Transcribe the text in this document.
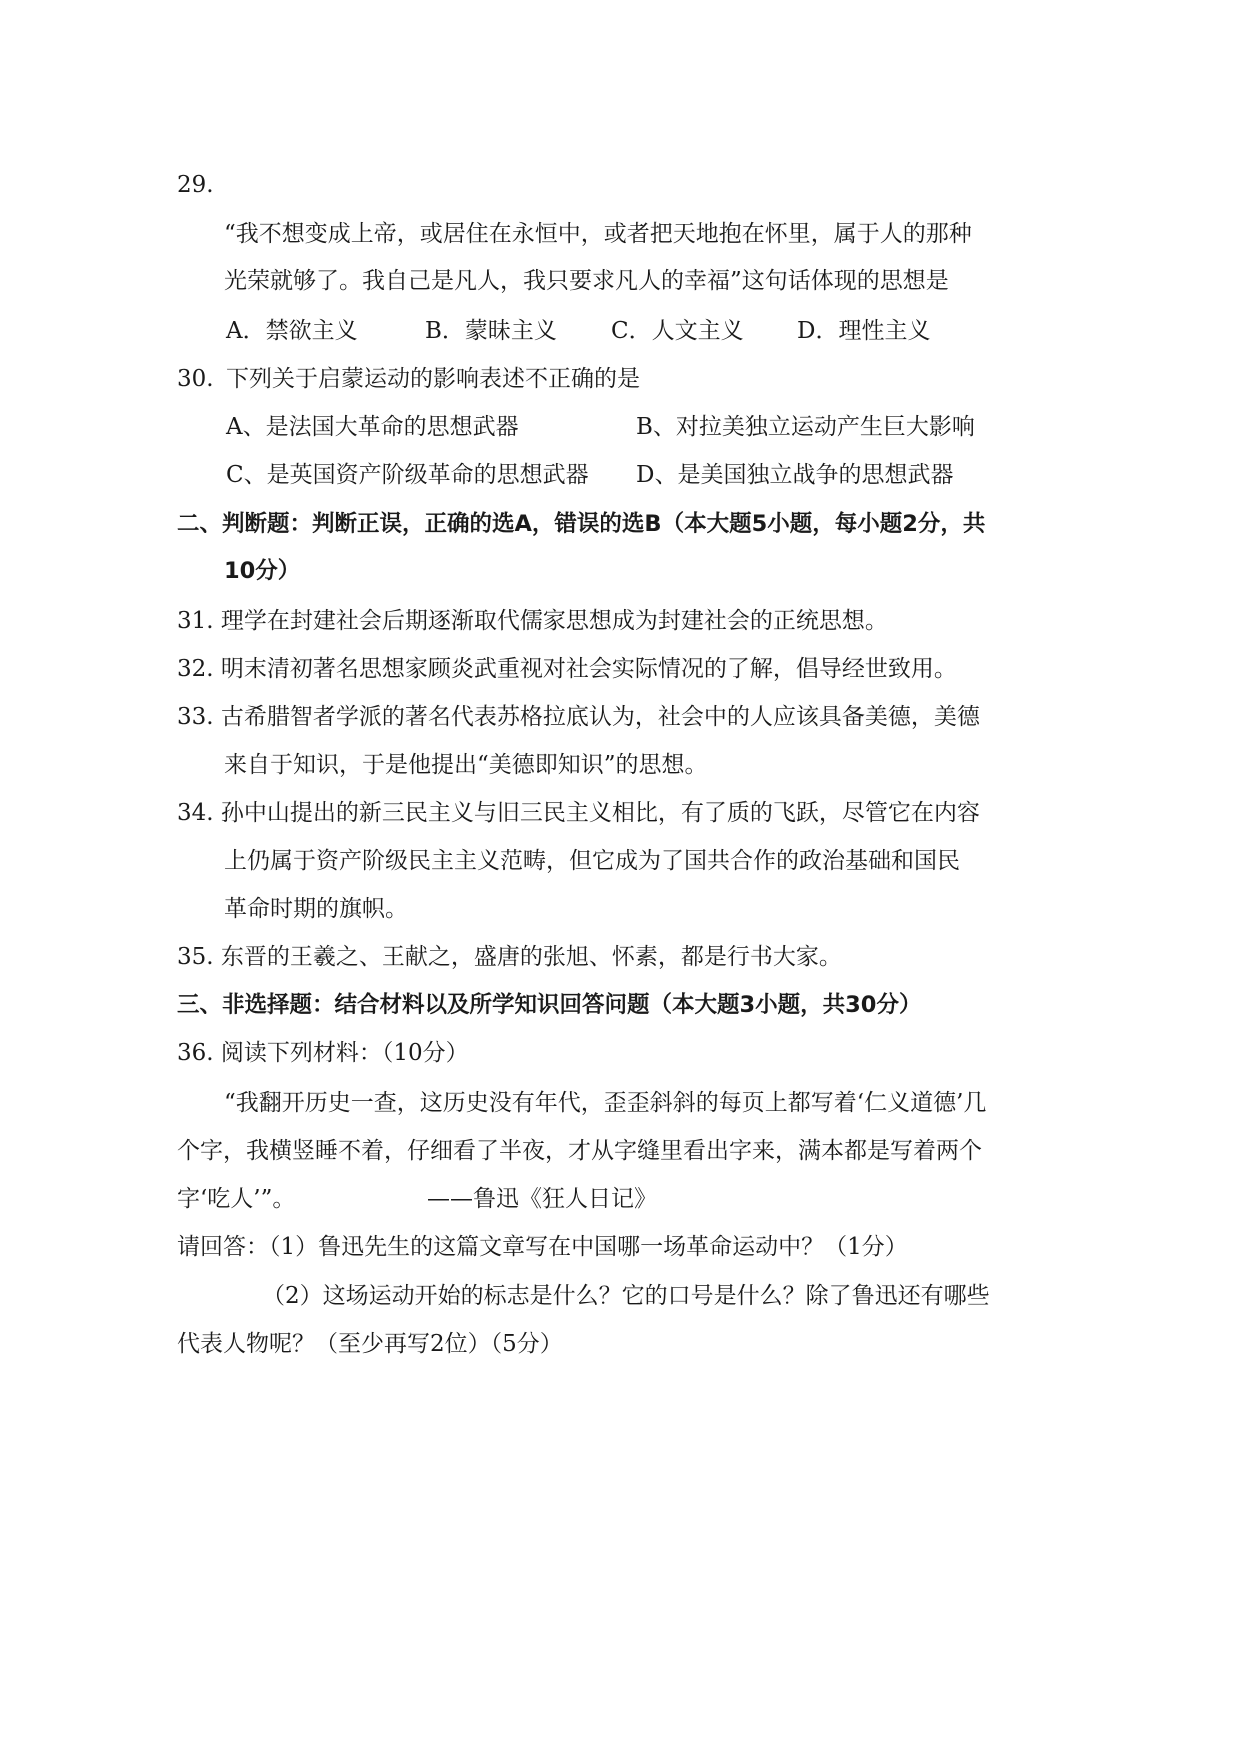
29.
“我不想变成上帝，或居住在永恒中，或者把天地抱在怀里，属于人的那种
光荣就够了。我自己是凡人，我只要求凡人的幸福”这句话体现的思想是
A．禁欲主义	B．蒙昧主义 C．人文主义 D．理性主义
30. 下列关于启蒙运动的影响表述不正确的是
A、是法国大革命的思想武器	B、对拉美独立运动产生巨大影响
C、是英国资产阶级革命的思想武器 D、是美国独立战争的思想武器
二、判断题：判断正误，正确的选A，错误的选B（本大题5小题，每小题2分，共
10分）
31. 理学在封建社会后期逐渐取代儒家思想成为封建社会的正统思想。
32. 明末清初著名思想家顾炎武重视对社会实际情况的了解，倡导经世致用。
33. 古希腊智者学派的著名代表苏格拉底认为，社会中的人应该具备美德，美德
来自于知识，于是他提出“美德即知识”的思想。
34. 孙中山提出的新三民主义与旧三民主义相比，有了质的飞跃，尽管它在内容
上仍属于资产阶级民主主义范畴，但它成为了国共合作的政治基础和国民
革命时期的旗帜。
35. 东晋的王羲之、王献之，盛唐的张旭、怀素，都是行书大家。
三、非选择题：结合材料以及所学知识回答问题（本大题3小题，共30分）
36. 阅读下列材料：（10分）
“我翻开历史一查，这历史没有年代，歪歪斜斜的每页上都写着‘仁义道德’几
个字，我横竖睡不着，仔细看了半夜，才从字缝里看出字来，满本都是写着两个
字‘吃人’”。	——鲁迅《狂人日记》
请回答：（1）鲁迅先生的这篇文章写在中国哪一场革命运动中？（1分）
（2）这场运动开始的标志是什么？它的口号是什么？除了鲁迅还有哪些
代表人物呢？（至少再写2位）（5分）
